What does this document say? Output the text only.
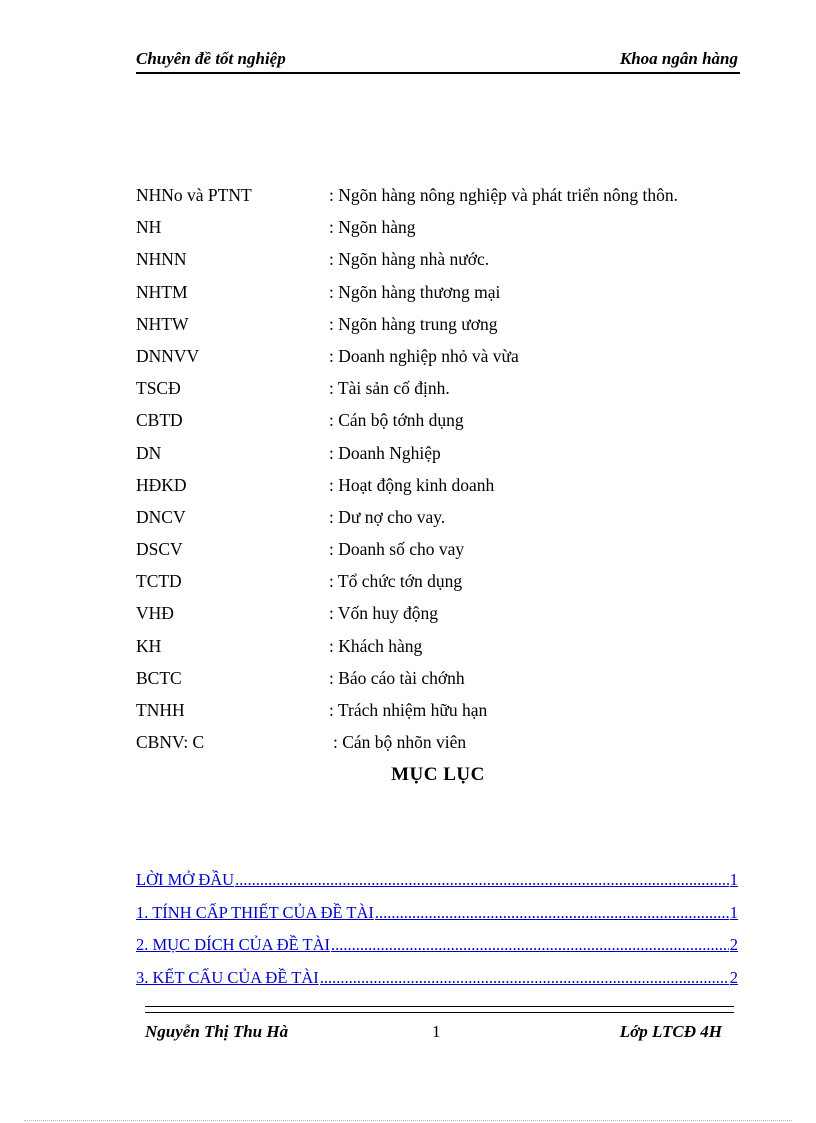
Chuyên đề tốt nghiệp	Khoa ngân hàng
NHNo và PTNT	: Ngõn hàng nông nghiệp và phát triển nông thôn.
NH	: Ngõn hàng
NHNN	: Ngõn hàng nhà nước.
NHTM	: Ngõn hàng thương mại
NHTW	: Ngõn hàng trung ương
DNNVV	: Doanh nghiệp nhỏ và vừa
TSCĐ	: Tài sản cố định.
CBTD	: Cán bộ tớnh dụng
DN	: Doanh Nghiệp
HĐKD	: Hoạt động kinh doanh
DNCV	: Dư nợ cho vay.
DSCV	: Doanh số cho vay
TCTD	: Tổ chức tớn dụng
VHĐ	: Vốn huy động
KH	: Khách hàng
BCTC	: Báo cáo tài chớnh
TNHH	: Trách nhiệm hữu hạn
CBNV: C	: Cán bộ nhõn viên
MỤC LỤC
LỜI MỞ ĐẦU .....	1
1. TÍNH CẤP THIẾT CỦA ĐỀ TÀI .....	1
2. MỤC DÍCH CỦA ĐỀ TÀI .....	2
3. KẾT CẤU CỦA ĐỀ TÀI .....	2
Nguyễn Thị Thu Hà	1	Lớp LTCĐ 4H
